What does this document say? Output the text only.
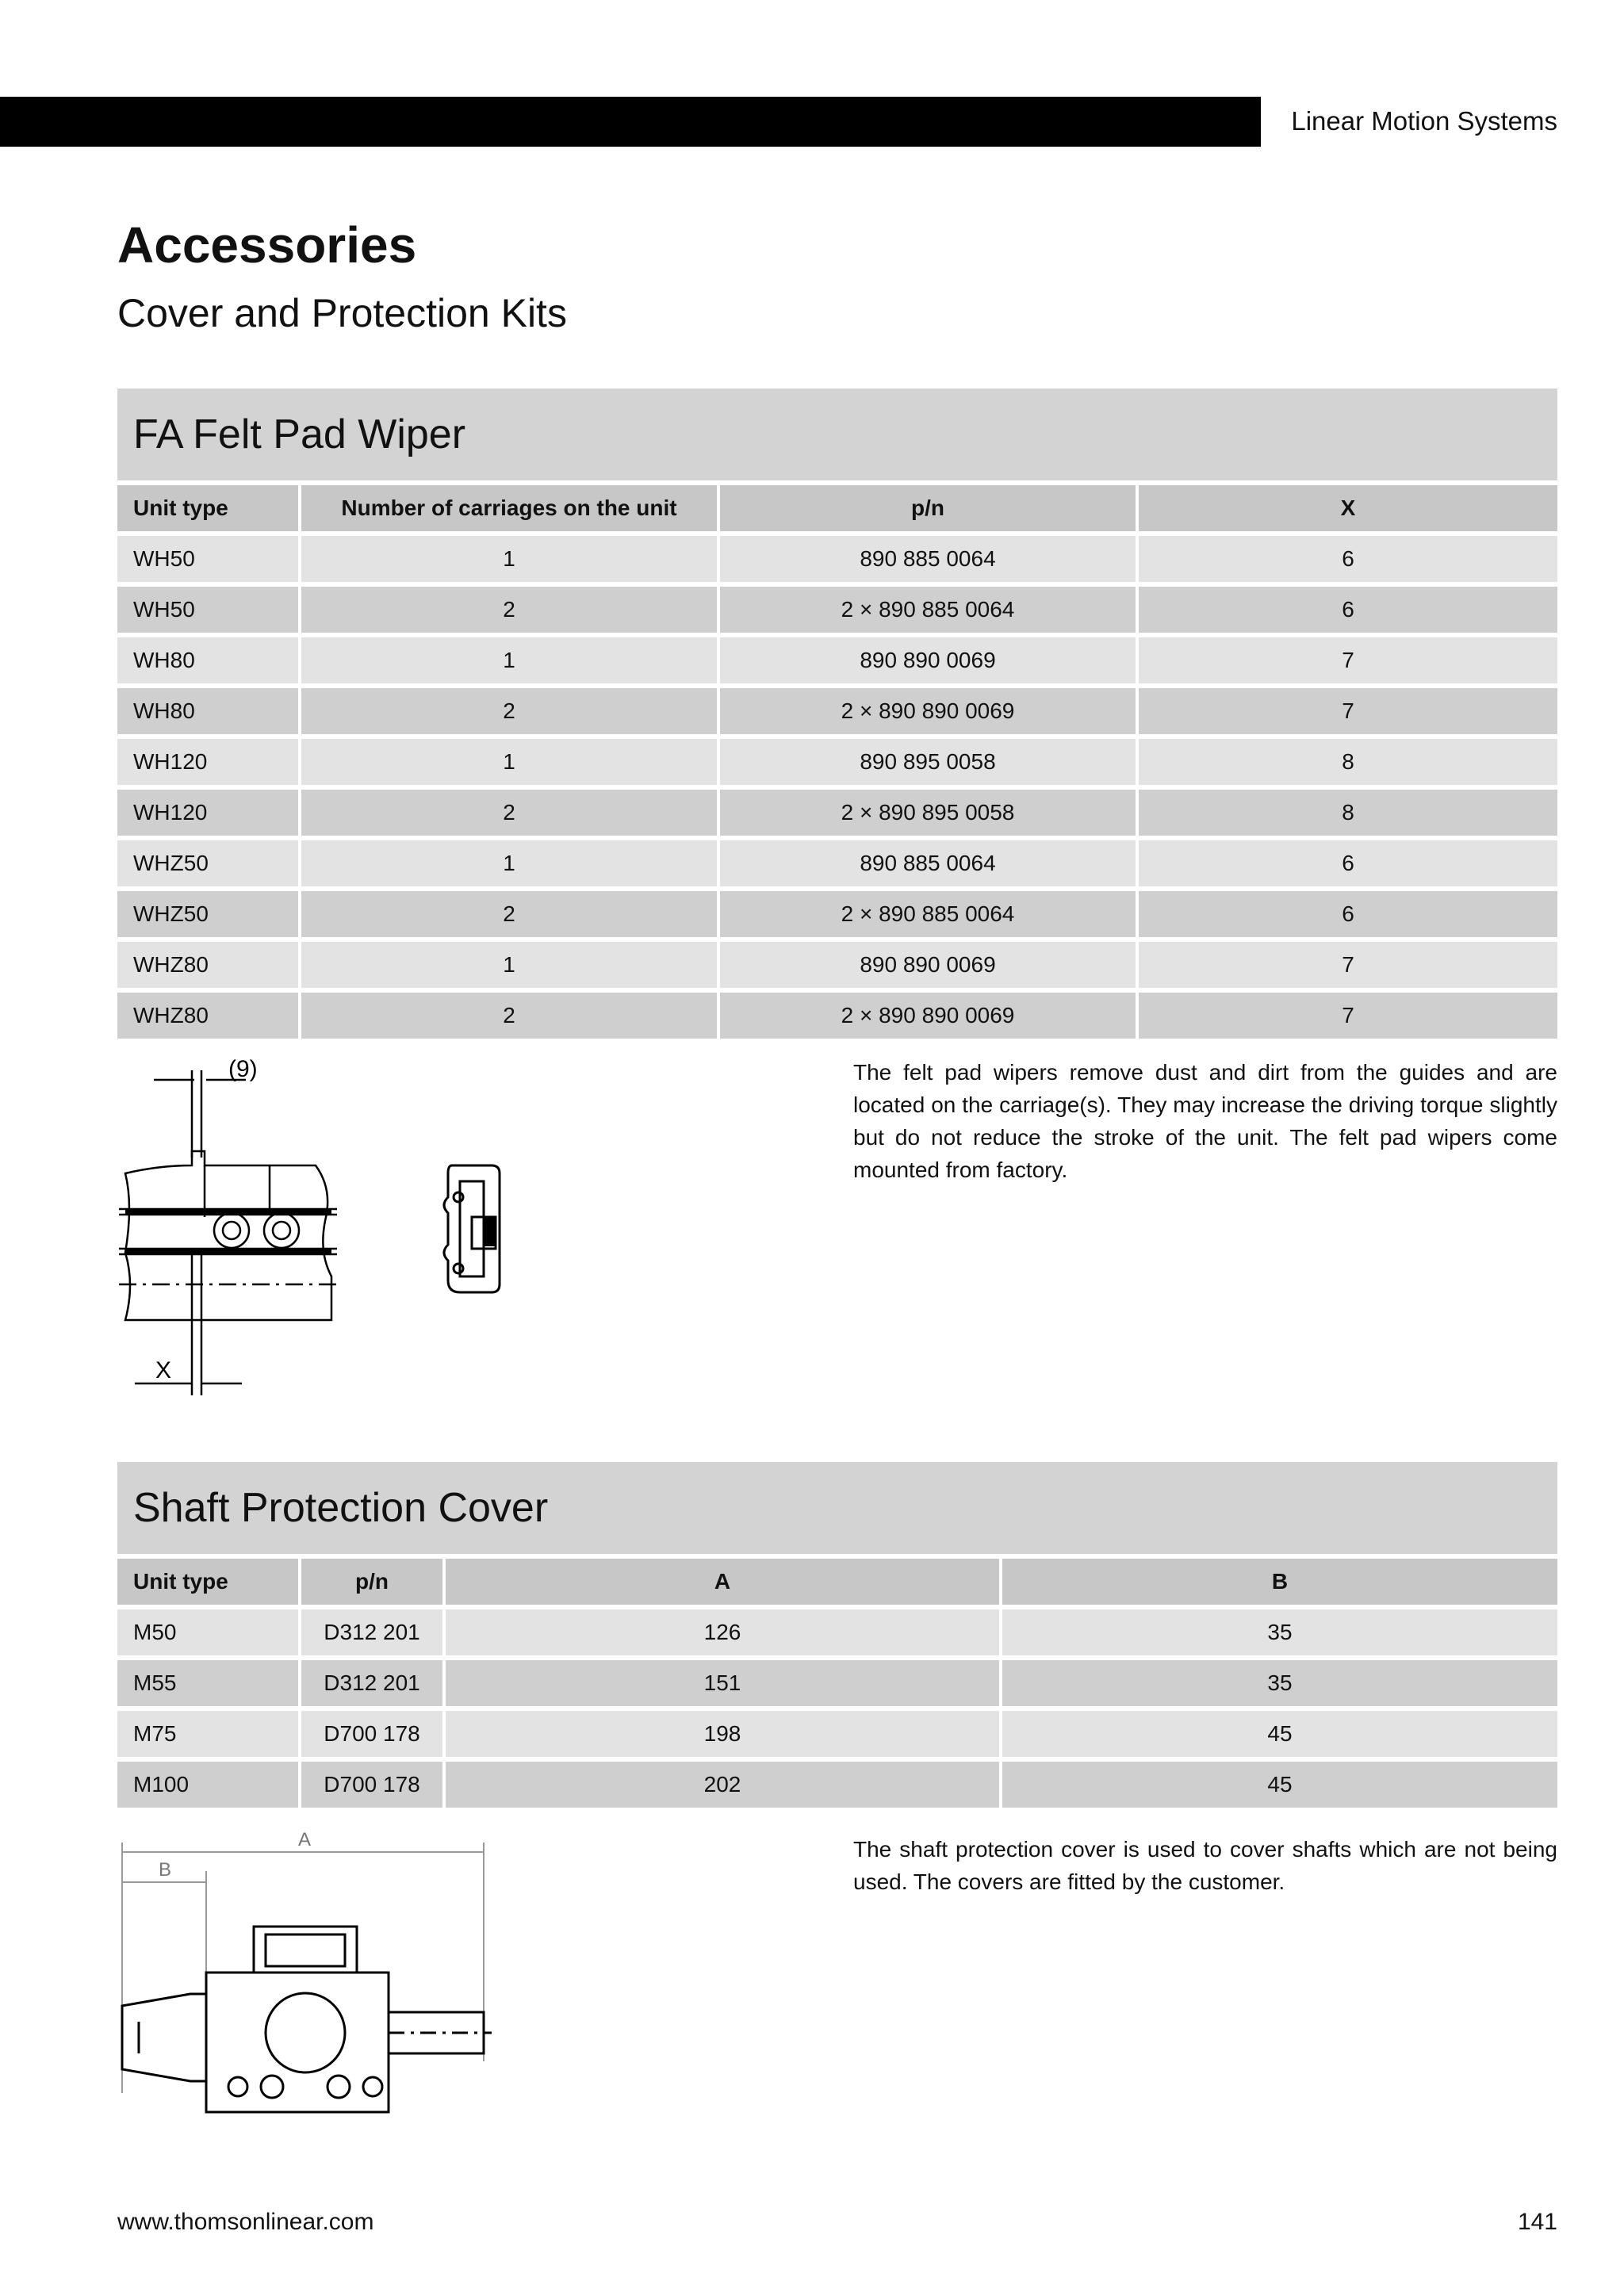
Linear Motion Systems
Accessories
Cover and Protection Kits
FA Felt Pad Wiper
Unit type	Number of carriages on the unit	p/n	X
WH50	1	890 885 0064	6
WH50	2	2 × 890 885 0064	6
WH80	1	890 890 0069	7
WH80	2	2 × 890 890 0069	7
WH120	1	890 895 0058	8
WH120	2	2 × 890 895 0058	8
WHZ50	1	890 885 0064	6
WHZ50	2	2 × 890 885 0064	6
WHZ80	1	890 890 0069	7
WHZ80	2	2 × 890 890 0069	7
(9)
X
The felt pad wipers remove dust and dirt from the guides and are located on the carriage(s). They may increase the driving torque slightly but do not reduce the stroke of the unit. The felt pad wipers come mounted from factory.
Shaft Protection Cover
Unit type	p/n	A	B
M50	D312 201	126	35
M55	D312 201	151	35
M75	D700 178	198	45
M100	D700 178	202	45
A
B
The shaft protection cover is used to cover shafts which are not being used. The covers are fitted by the customer.
www.thomsonlinear.com	141
